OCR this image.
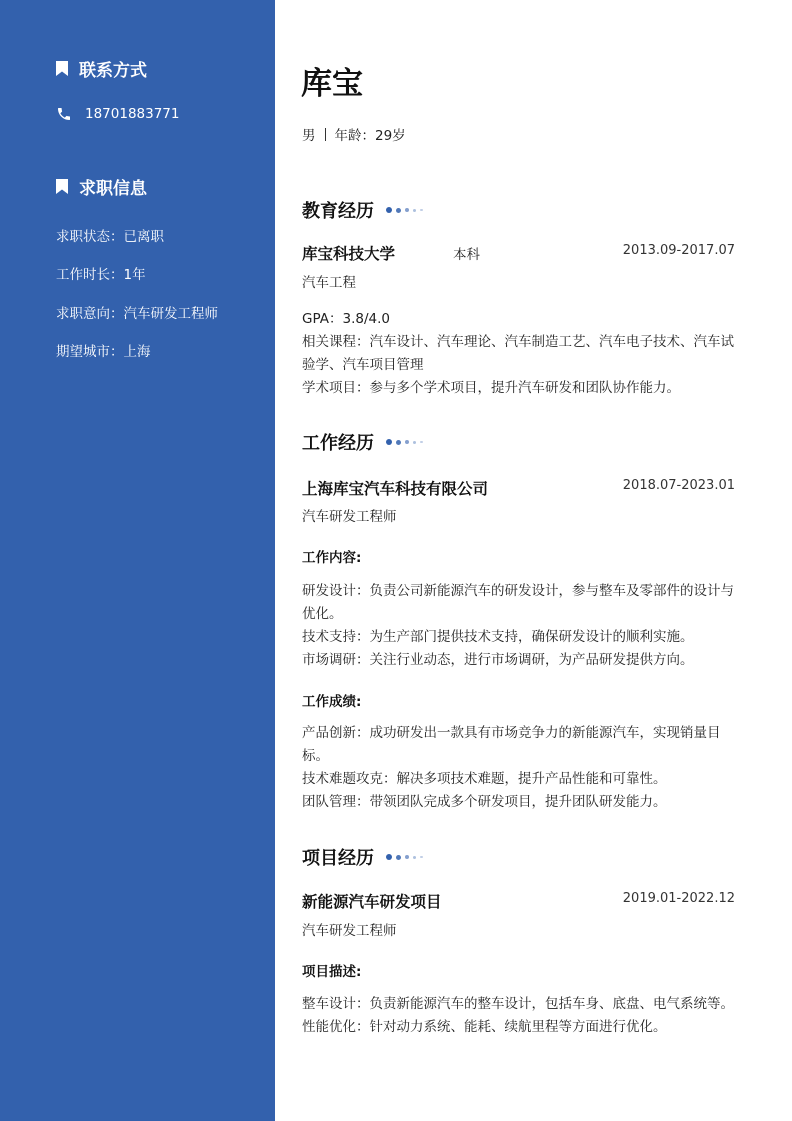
联系方式
18701883771
求职信息
求职状态：已离职
工作时长：1年
求职意向：汽车研发工程师
期望城市：上海
库宝
男 年龄：29岁
教育经历
库宝科技大学	本科	2013.09-2017.07
汽车工程
GPA：3.8/4.0
相关课程：汽车设计、汽车理论、汽车制造工艺、汽车电子技术、汽车试验学、汽车项目管理
学术项目：参与多个学术项目，提升汽车研发和团队协作能力。
工作经历
上海库宝汽车科技有限公司	2018.07-2023.01
汽车研发工程师
工作内容:
研发设计：负责公司新能源汽车的研发设计，参与整车及零部件的设计与优化。
技术支持：为生产部门提供技术支持，确保研发设计的顺利实施。
市场调研：关注行业动态，进行市场调研，为产品研发提供方向。
工作成绩:
产品创新：成功研发出一款具有市场竞争力的新能源汽车，实现销量目标。
技术难题攻克：解决多项技术难题，提升产品性能和可靠性。
团队管理：带领团队完成多个研发项目，提升团队研发能力。
项目经历
新能源汽车研发项目	2019.01-2022.12
汽车研发工程师
项目描述:
整车设计：负责新能源汽车的整车设计，包括车身、底盘、电气系统等。
性能优化：针对动力系统、能耗、续航里程等方面进行优化。
